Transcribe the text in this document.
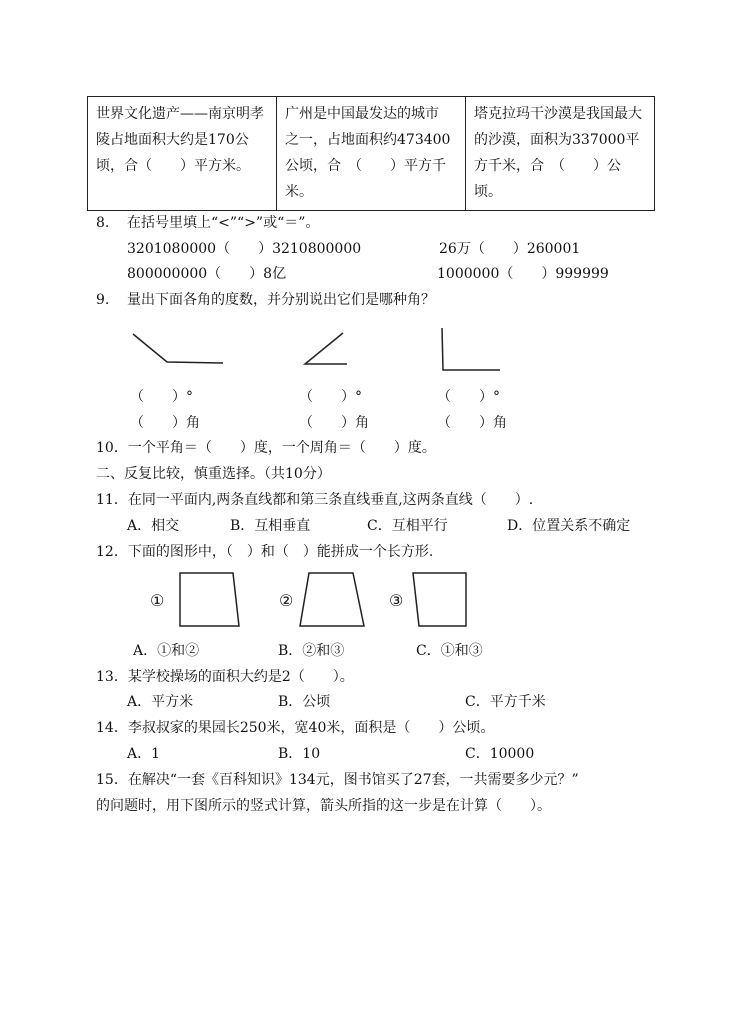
世界文化遗产——南京明孝陵占地面积大约是170公顷，合（　　）平方米。	广州是中国最发达的城市　之一，占地面积约473400公顷，合　（　　）平方千米。	塔克拉玛干沙漠是我国最大的沙漠，面积为337000平方千米，合　（　　）公顷。
8. 在括号里填上“<”“>”或“＝”。
3201080000（　　）3210800000	26万（　　）260001
800000000（　　）8亿	1000000（　　）999999
9. 量出下面各角的度数，并分别说出它们是哪种角？
（　　）°	（　　）°	（　　）°
（　　）角	（　　）角	（　　）角
10．一个平角＝（　　）度，一个周角＝（　　）度。
二、反复比较，慎重选择。（共10分）
11．在同一平面内,两条直线都和第三条直线垂直,这两条直线（　　）.
A．相交	B．互相垂直	C．互相平行	D．位置关系不确定
12．下面的图形中，（　）和（　）能拼成一个长方形.
①	②	③
A．①和②	B．②和③	C．①和③
13．某学校操场的面积大约是2（　　）。
A．平方米	B．公顷	C．平方千米
14．李叔叔家的果园长250米，宽40米，面积是（　　）公顷。
A．1	B．10	C．10000
15．在解决“一套《百科知识》134元，图书馆买了27套，一共需要多少元？”
的问题时，用下图所示的竖式计算，箭头所指的这一步是在计算（　　）。
